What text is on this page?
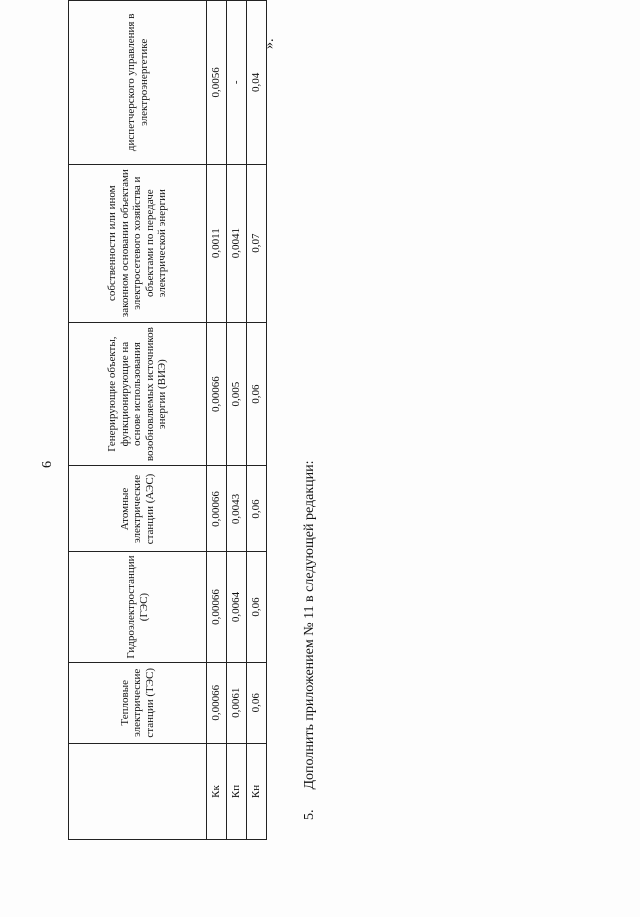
6
	Тепловые электрические станции (ТЭС)	Гидроэлектростанции (ГЭС)	Атомные электрические станции (АЭС)	Генерирующие объекты, функционирующие на основе использования возобновляемых источников энергии (ВИЭ)	собственности или ином законном основании объектами электросетевого хозяйства и объектами по передаче электрической энергии	диспетчерского управления в электроэнергетике
Кк	0,00066	0,00066	0,00066	0,00066	0,0011	0,0056
Кп	0,0061	0,0064	0,0043	0,005	0,0041	-
Кн	0,06	0,06	0,06	0,06	0,07	0,04
».
5.Дополнить приложением № 11 в следующей редакции:
